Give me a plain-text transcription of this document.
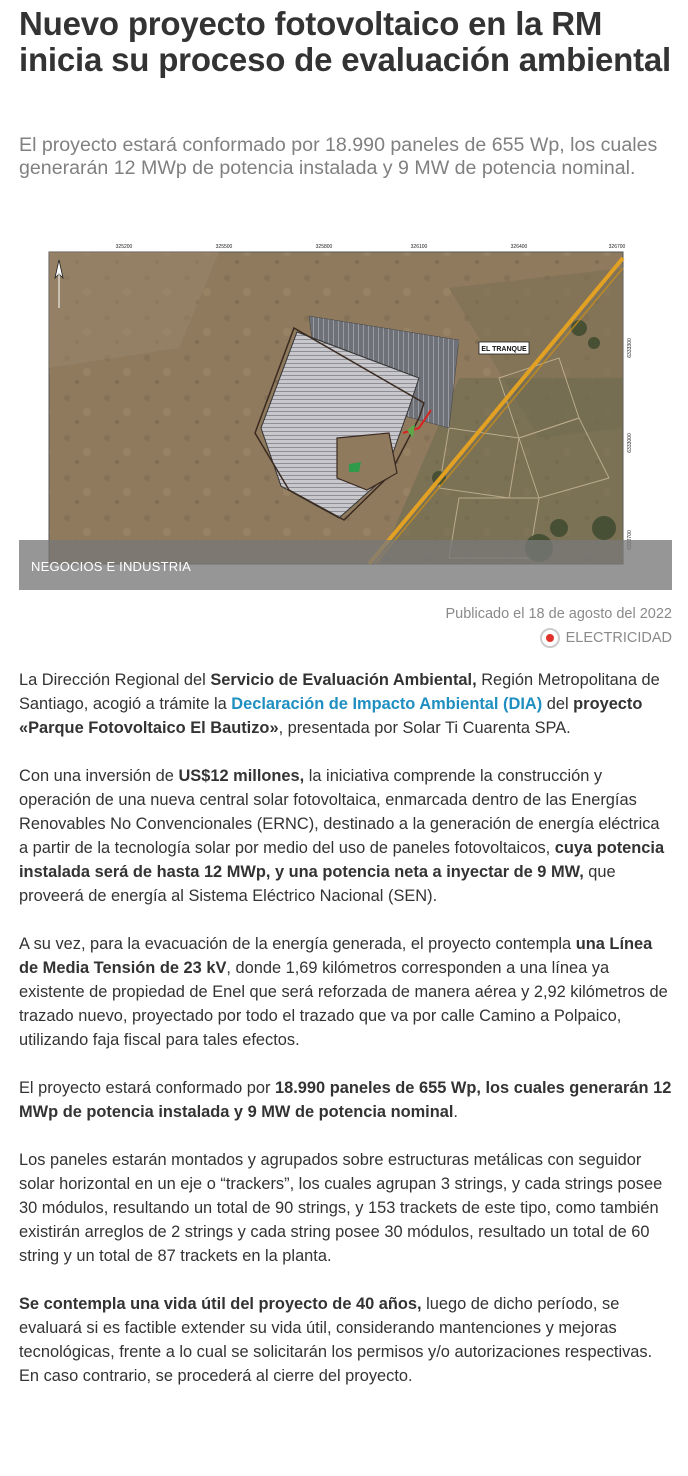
Nuevo proyecto fotovoltaico en la RM inicia su proceso de evaluación ambiental

El proyecto estará conformado por 18.990 paneles de 655 Wp, los cuales generarán 12 MWp de potencia instalada y 9 MW de potencia nominal.

EL TRANQUE
325200	325500	325800	326100	326400	326700
6333300
6333000
NEGOCIOS E INDUSTRIA
Publicado el 18 de agosto del 2022
ELECTRICIDAD

La Dirección Regional del Servicio de Evaluación Ambiental, Región Metropolitana de Santiago, acogió a trámite la Declaración de Impacto Ambiental (DIA) del proyecto «Parque Fotovoltaico El Bautizo», presentada por Solar Ti Cuarenta SPA.

Con una inversión de US$12 millones, la iniciativa comprende la construcción y operación de una nueva central solar fotovoltaica, enmarcada dentro de las Energías Renovables No Convencionales (ERNC), destinado a la generación de energía eléctrica a partir de la tecnología solar por medio del uso de paneles fotovoltaicos, cuya potencia instalada será de hasta 12 MWp, y una potencia neta a inyectar de 9 MW, que proveerá de energía al Sistema Eléctrico Nacional (SEN).

A su vez, para la evacuación de la energía generada, el proyecto contempla una Línea de Media Tensión de 23 kV, donde 1,69 kilómetros corresponden a una línea ya existente de propiedad de Enel que será reforzada de manera aérea y 2,92 kilómetros de trazado nuevo, proyectado por todo el trazado que va por calle Camino a Polpaico, utilizando faja fiscal para tales efectos.

El proyecto estará conformado por 18.990 paneles de 655 Wp, los cuales generarán 12 MWp de potencia instalada y 9 MW de potencia nominal.

Los paneles estarán montados y agrupados sobre estructuras metálicas con seguidor solar horizontal en un eje o “trackers”, los cuales agrupan 3 strings, y cada strings posee 30 módulos, resultando un total de 90 strings, y 153 trackets de este tipo, como también existirán arreglos de 2 strings y cada string posee 30 módulos, resultado un total de 60 string y un total de 87 trackets en la planta.

Se contempla una vida útil del proyecto de 40 años, luego de dicho período, se evaluará si es factible extender su vida útil, considerando mantenciones y mejoras tecnológicas, frente a lo cual se solicitarán los permisos y/o autorizaciones respectivas. En caso contrario, se procederá al cierre del proyecto.
